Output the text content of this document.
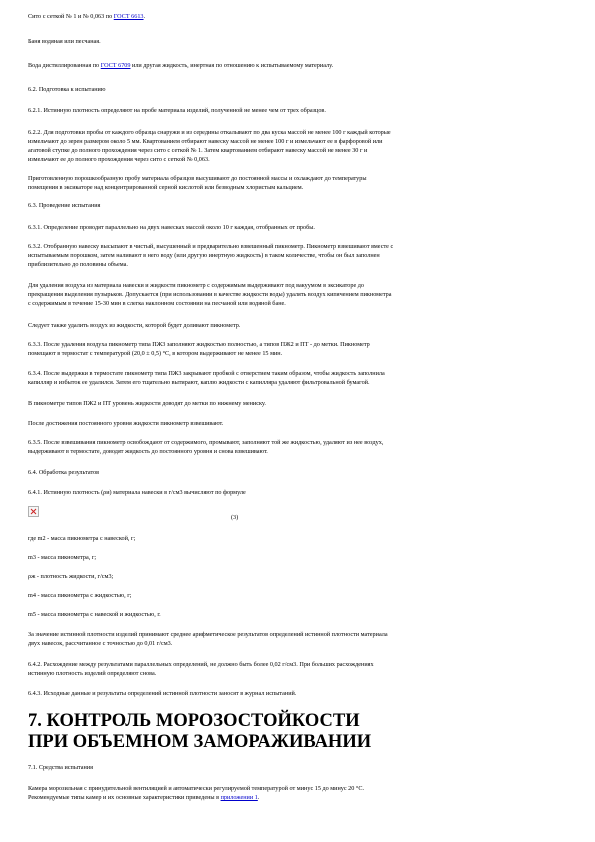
Сито с сеткой № 1 и № 0,063 по ГОСТ 6613.

Баня водяная или песчаная.

Вода дистиллированная по ГОСТ 6709 или другая жидкость, инертная по отношению к испытываемому материалу.

6.2. Подготовка к испытанию

6.2.1. Истинную плотность определяют на пробе материала изделий, полученной не менее чем от трех образцов.

6.2.2. Для подготовки пробы от каждого образца снаружи и из середины откалывают по два куска массой не менее 100 г каждый которые
измельчают до зерен размером около 5 мм. Квартованием отбирают навеску массой не менее 100 г и измельчают ее в фарфоровой или
агатовой ступке до полного прохождения через сито с сеткой № 1. Затем квартованием отбирают навеску массой не менее 30 г и
измельчают ее до полного прохождения через сито с сеткой № 0,063.

Приготовленную порошкообразную пробу материала образцов высушивают до постоянной массы и охлаждают до температуры
помещения в эксикаторе над концентрированной серной кислотой или безводным хлористым кальцием.

6.3. Проведение испытания

6.3.1. Определение проводят параллельно на двух навесках массой около 10 г каждая, отобранных от пробы.

6.3.2. Отобранную навеску высыпают в чистый, высушенный и предварительно взвешенный пикнометр. Пикнометр взвешивают вместе с
испытываемым порошком, затем наливают в него воду (или другую инертную жидкость) в таком количестве, чтобы он был заполнен
приблизительно до половины объема.

Для удаления воздуха из материала навески и жидкости пикнометр с содержимым выдерживают под вакуумом в эксикаторе до
прекращения выделения пузырьков. Допускается (при использовании в качестве жидкости воды) удалять воздух кипячением пикнометра
с содержимым в течение 15-30 мин в слегка наклонном состоянии на песчаной или водяной бане.

Следует также удалить воздух из жидкости, которой будет доливают пикнометр.

6.3.3. После удаления воздуха пикнометр типа ПЖ3 заполняют жидкостью полностью, а типов ПЖ2 и ПТ - до метки. Пикнометр
помещают в термостат с температурой (20,0 ± 0,5) °С, в котором выдерживают не менее 15 мин.

6.3.4. После выдержки в термостате пикнометр типа ПЖ3 закрывают пробкой с отверстием таким образом, чтобы жидкость заполнила
капилляр и избыток ее удалился. Затем его тщательно вытирают, каплю жидкости с капилляра удаляют фильтровальной бумагой.

В пикнометре типов ПЖ2 и ПТ уровень жидкости доводят до метки по нижнему мениску.

После достижения постоянного уровня жидкости пикнометр взвешивают.

6.3.5. После взвешивания пикнометр освобождают от содержимого, промывают, заполняют той же жидкостью, удаляют из нее воздух,
выдерживают в термостате, доводят жидкость до постоянного уровня и снова взвешивают.

6.4. Обработка результатов

6.4.1. Истинную плотность (ρи) материала навески в г/см3 вычисляют по формуле

(3)

где m2 - масса пикнометра с навеской, г;

m3 - масса пикнометра, г;

ρж - плотность жидкости, г/см3;

m4 - масса пикнометра с жидкостью, г;

m5 - масса пикнометра с навеской и жидкостью, г.

За значение истинной плотности изделий принимают среднее арифметическое результатов определений истинной плотности материала
двух навесок, рассчитанное с точностью до 0,01 г/см3.

6.4.2. Расхождение между результатами параллельных определений, не должно быть более 0,02 г/см3. При больших расхождениях
истинную плотность изделий определяют снова.

6.4.3. Исходные данные и результаты определений истинной плотности заносят в журнал испытаний.

7. КОНТРОЛЬ МОРОЗОСТОЙКОСТИ
ПРИ ОБЪЕМНОМ ЗАМОРАЖИВАНИИ

7.1. Средства испытания

Камера морозильная с принудительной вентиляцией и автоматически регулируемой температурой от минус 15 до минус 20 °С.
Рекомендуемые типы камер и их основные характеристики приведены в приложении 1.
